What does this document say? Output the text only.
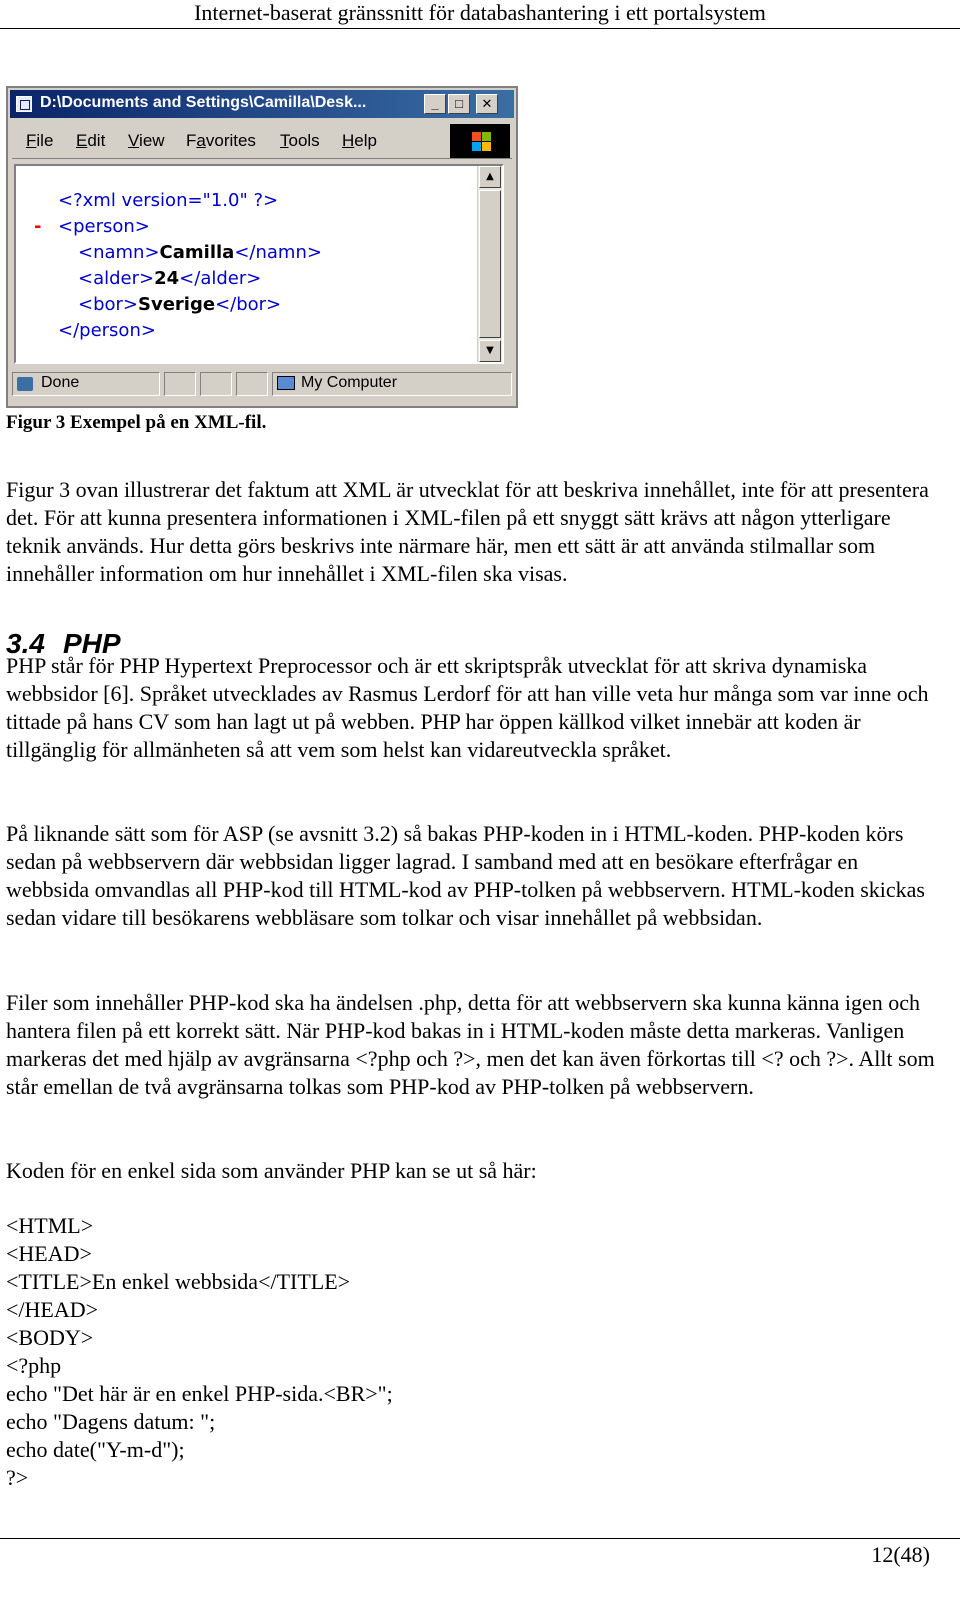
Internet-baserat gränssnitt för databashantering i ett portalsystem
D:\Documents and Settings\Camilla\Desk...	_	□	✕
File Edit View Favorites Tools Help
<?xml version="1.0" ?>
- <person>
<namn>Camilla</namn>
<alder>24</alder>
<bor>Sverige</bor>
</person>
▲
▼
Done	My Computer
Figur 3 Exempel på en XML-fil.

Figur 3 ovan illustrerar det faktum att XML är utvecklat för att beskriva innehållet, inte för att presentera det. För att kunna presentera informationen i XML-filen på ett snyggt sätt krävs att någon ytterligare teknik används. Hur detta görs beskrivs inte närmare här, men ett sätt är att använda stilmallar som innehåller information om hur innehållet i XML-filen ska visas.

3.4 PHP

PHP står för PHP Hypertext Preprocessor och är ett skriptspråk utvecklat för att skriva dynamiska webbsidor [6]. Språket utvecklades av Rasmus Lerdorf för att han ville veta hur många som var inne och tittade på hans CV som han lagt ut på webben. PHP har öppen källkod vilket innebär att koden är tillgänglig för allmänheten så att vem som helst kan vidareutveckla språket.

På liknande sätt som för ASP (se avsnitt 3.2) så bakas PHP-koden in i HTML-koden. PHP-koden körs sedan på webbservern där webbsidan ligger lagrad. I samband med att en besökare efterfrågar en webbsida omvandlas all PHP-kod till HTML-kod av PHP-tolken på webbservern. HTML-koden skickas sedan vidare till besökarens webbläsare som tolkar och visar innehållet på webbsidan.

Filer som innehåller PHP-kod ska ha ändelsen .php, detta för att webbservern ska kunna känna igen och hantera filen på ett korrekt sätt. När PHP-kod bakas in i HTML-koden måste detta markeras. Vanligen markeras det med hjälp av avgränsarna <?php och ?>, men det kan även förkortas till <? och ?>. Allt som står emellan de två avgränsarna tolkas som PHP-kod av PHP-tolken på webbservern.

Koden för en enkel sida som använder PHP kan se ut så här:

<HTML>
<HEAD>
<TITLE>En enkel webbsida</TITLE>
</HEAD>
<BODY>
<?php
echo "Det här är en enkel PHP-sida.<BR>";
echo "Dagens datum: ";
echo date("Y-m-d");
?>
12(48)
